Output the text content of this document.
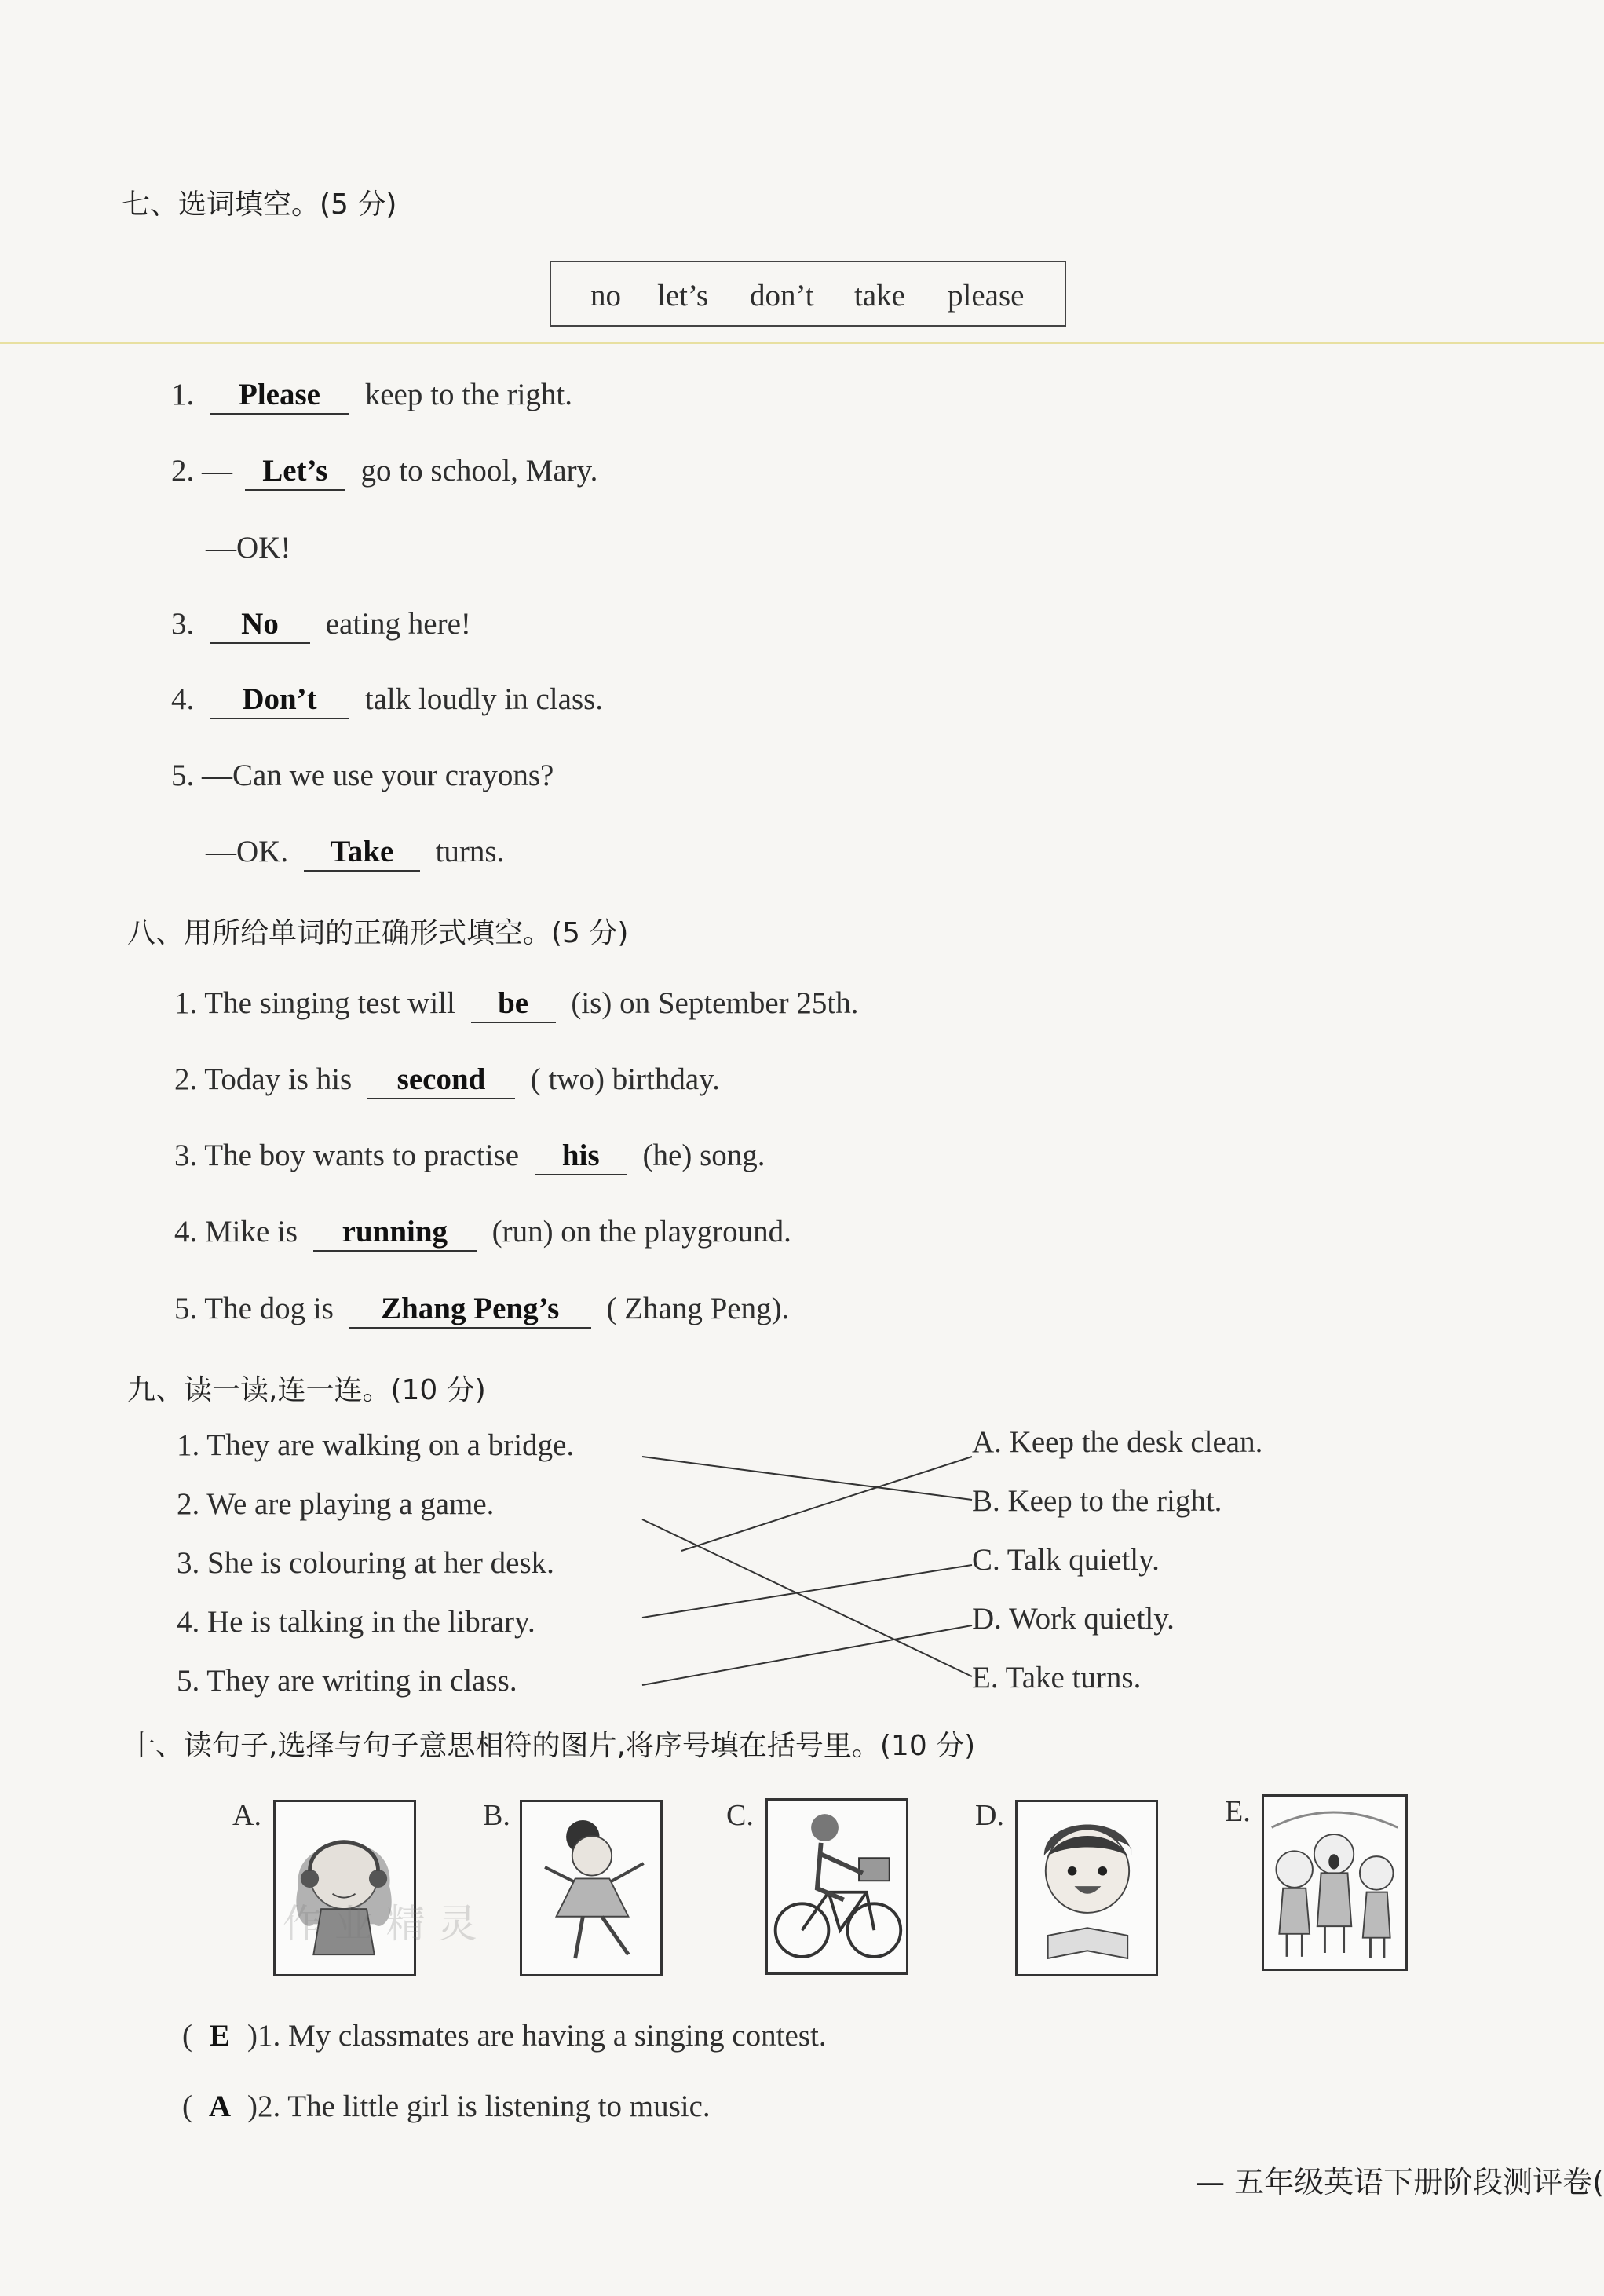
七、选词填空。(5 分)
no let’s don’t take please
1. Please keep to the right.
2. — Let’s go to school, Mary.
—OK!
3. No eating here!
4. Don’t talk loudly in class.
5. —Can we use your crayons?
—OK. Take turns.
八、用所给单词的正确形式填空。(5 分)
1. The singing test will be (is) on September 25th.
2. Today is his second ( two) birthday.
3. The boy wants to practise his (he) song.
4. Mike is running (run) on the playground.
5. The dog is Zhang Peng’s ( Zhang Peng).
九、读一读,连一连。(10 分)
1. They are walking on a bridge.
2. We are playing a game.
3. She is colouring at her desk.
4. He is talking in the library.
5. They are writing in class.
A. Keep the desk clean.
B. Keep to the right.
C. Talk quietly.
D. Work quietly.
E. Take turns.
十、读句子,选择与句子意思相符的图片,将序号填在括号里。(10 分)
A.	B.	C.	D.	E.
作 业 精 灵
( E )1. My classmates are having a singing contest.
( A )2. The little girl is listening to music.
— 五年级英语下册阶段测评卷(
